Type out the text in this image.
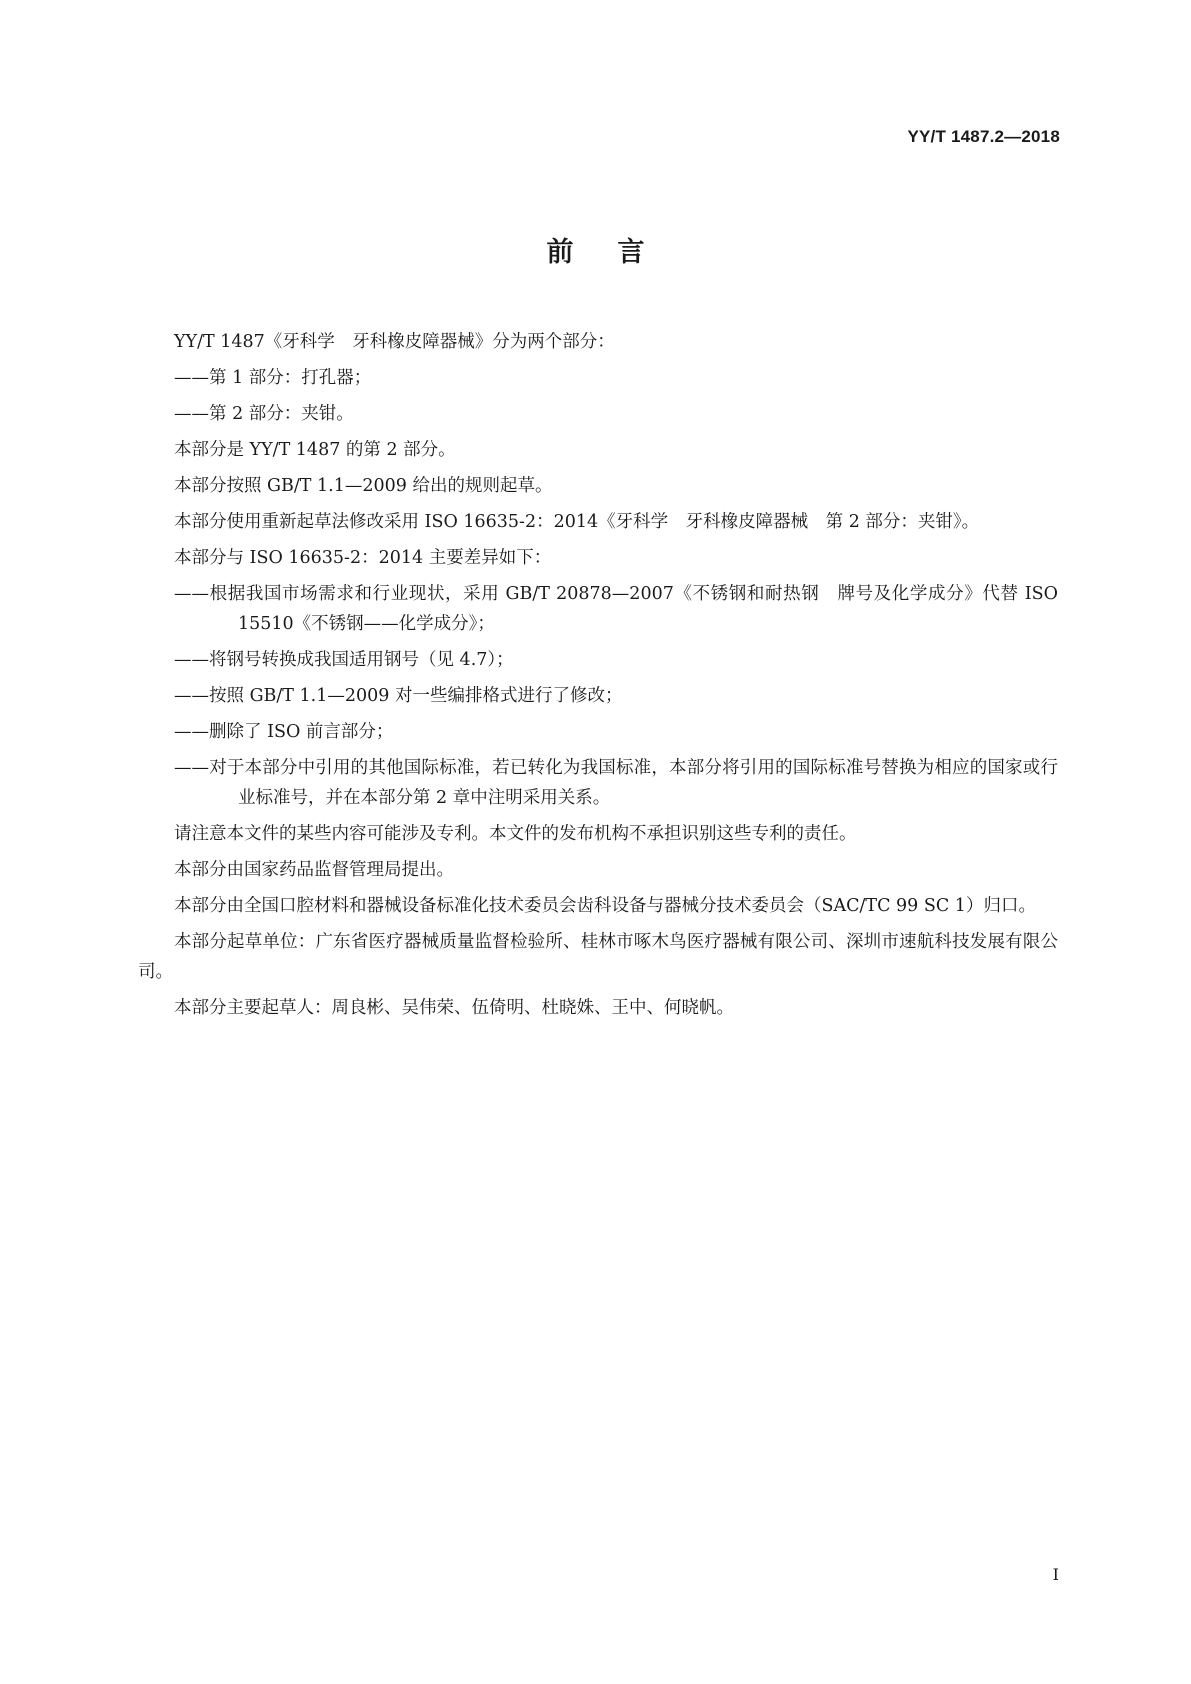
YY/T 1487.2—2018
前言

YY/T 1487《牙科学　牙科橡皮障器械》分为两个部分：

——第 1 部分：打孔器；

——第 2 部分：夹钳。

本部分是 YY/T 1487 的第 2 部分。

本部分按照 GB/T 1.1—2009 给出的规则起草。

本部分使用重新起草法修改采用 ISO 16635-2：2014《牙科学　牙科橡皮障器械　第 2 部分：夹钳》。

本部分与 ISO 16635-2：2014 主要差异如下：

——根据我国市场需求和行业现状，采用 GB/T 20878—2007《不锈钢和耐热钢　牌号及化学成分》代替 ISO 15510《不锈钢——化学成分》；
——将钢号转换成我国适用钢号（见 4.7）；
——按照 GB/T 1.1—2009 对一些编排格式进行了修改；
——删除了 ISO 前言部分；
——对于本部分中引用的其他国际标准，若已转化为我国标准，本部分将引用的国际标准号替换为相应的国家或行业标准号，并在本部分第 2 章中注明采用关系。

请注意本文件的某些内容可能涉及专利。本文件的发布机构不承担识别这些专利的责任。

本部分由国家药品监督管理局提出。

本部分由全国口腔材料和器械设备标准化技术委员会齿科设备与器械分技术委员会（SAC/TC 99 SC 1）归口。

本部分起草单位：广东省医疗器械质量监督检验所、桂林市啄木鸟医疗器械有限公司、深圳市速航科技发展有限公司。

本部分主要起草人：周良彬、吴伟荣、伍倚明、杜晓姝、王中、何晓帆。

I
